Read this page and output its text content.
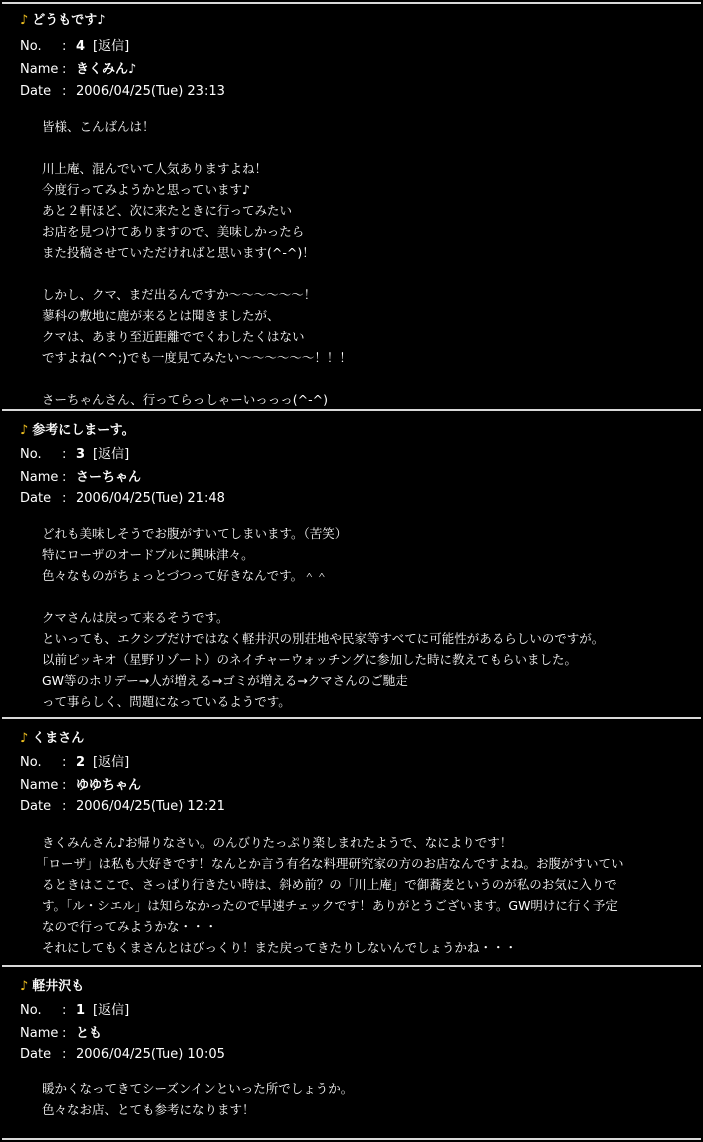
♪ どうもです♪
No. : 4 [返信]
Name : きくみん♪
Date : 2006/04/25(Tue) 23:13

皆様、こんばんは！

川上庵、混んでいて人気ありますよね！

今度行ってみようかと思っています♪

あと２軒ほど、次に来たときに行ってみたい

お店を見つけてありますので、美味しかったら

また投稿させていただければと思います(^-^)！

しかし、クマ、まだ出るんですか〜〜〜〜〜〜！

蓼科の敷地に鹿が来るとは聞きましたが、

クマは、あまり至近距離ででくわしたくはない

ですよね(^^;)でも一度見てみたい〜〜〜〜〜〜！！！

さーちゃんさん、行ってらっしゃーいっっっ(^-^)

♪ 参考にしまーす。
No. : 3 [返信]
Name : さーちゃん
Date : 2006/04/25(Tue) 21:48

どれも美味しそうでお腹がすいてしまいます。（苦笑）

特にローザのオードブルに興味津々。

色々なものがちょっとづつって好きなんです。＾＾

クマさんは戻って来るそうです。

といっても、エクシブだけではなく軽井沢の別荘地や民家等すべてに可能性があるらしいのですが。

以前ピッキオ（星野リゾート）のネイチャーウォッチングに参加した時に教えてもらいました。

GW等のホリデー→人が増える→ゴミが増える→クマさんのご馳走

って事らしく、問題になっているようです。

♪ くまさん
No. : 2 [返信]
Name : ゆゆちゃん
Date : 2006/04/25(Tue) 12:21

きくみんさん♪お帰りなさい。のんびりたっぷり楽しまれたようで、なによりです！

「ローザ」は私も大好きです！なんとか言う有名な料理研究家の方のお店なんですよね。お腹がすいてい

るときはここで、さっぱり行きたい時は、斜め前？の「川上庵」で御蕎麦というのが私のお気に入りで

す。「ル・シエル」は知らなかったので早速チェックです！ありがとうございます。GW明けに行く予定

なので行ってみようかな・・・

それにしてもくまさんとはびっくり！また戻ってきたりしないんでしょうかね・・・

♪ 軽井沢も
No. : 1 [返信]
Name : とも
Date : 2006/04/25(Tue) 10:05

暖かくなってきてシーズンインといった所でしょうか。

色々なお店、とても参考になります！
